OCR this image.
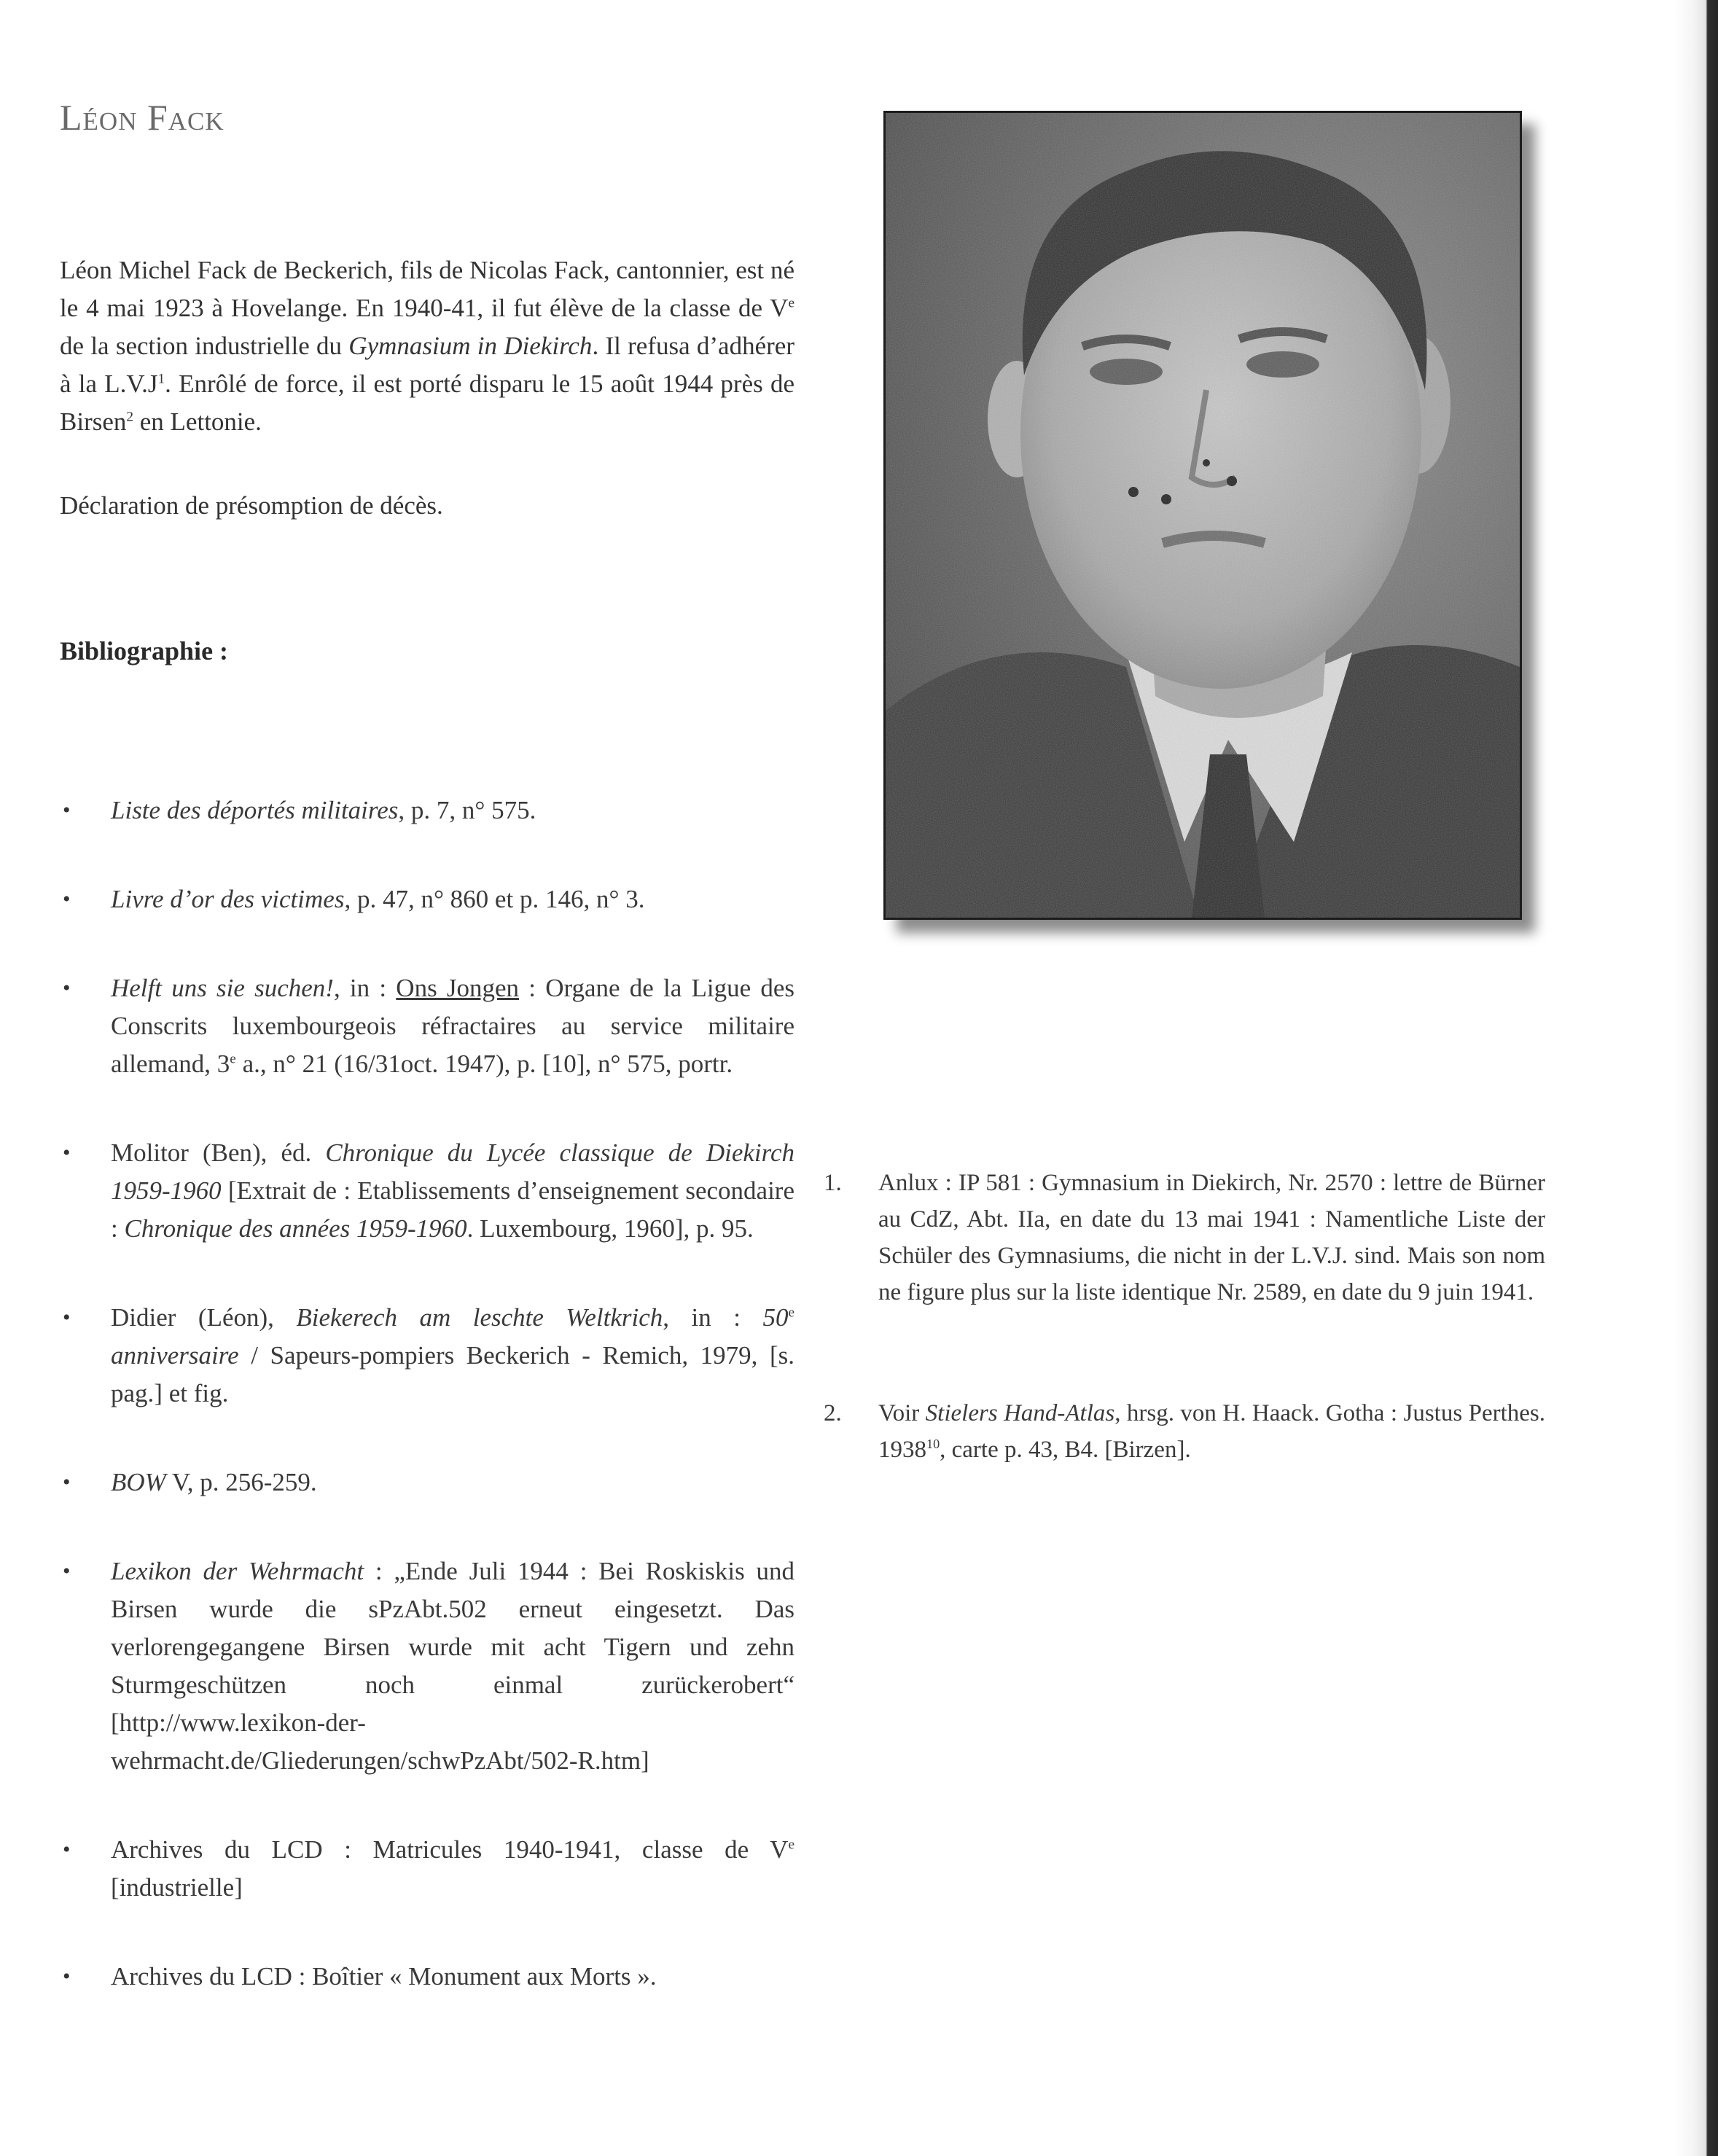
Léon Fack

Léon Michel Fack de Beckerich, fils de Nicolas Fack, cantonnier, est né le 4 mai 1923 à Hovelange. En 1940-41, il fut élève de la classe de Ve de la section industrielle du Gymnasium in Diekirch. Il refusa d’adhérer à la $L.V.J^1$. Enrôlé de force, il est porté disparu le 15 août 1944 près de Birsen$^2$ en Lettonie.

Déclaration de présomption de décès.

Bibliographie :
• Liste des déportés militaires, p. 7, n° 575.
• Livre d’or des victimes, p. 47, n° 860 et p. 146, n° 3.
• Helft uns sie suchen!, in : Ons Jongen : Organe de la Ligue des Conscrits luxembourgeois réfractaires au service militaire allemand, 3e a., n° 21 (16/31oct. 1947), p. [10], n° 575, portr.
• Molitor (Ben), éd. Chronique du Lycée classique de Diekirch 1959-1960 [Extrait de : Etablissements d’enseignement secondaire : Chronique des années 1959-1960. Luxembourg, 1960], p. 95.
• Didier (Léon), Biekerech am leschte Weltkrich, in : 50e anniversaire / Sapeurs-pompiers Beckerich - Remich, 1979, [s. pag.] et fig.
• BOW V, p. 256-259.
• Lexikon der Wehrmacht : „Ende Juli 1944 : Bei Roskiskis und Birsen wurde die sPzAbt.502 erneut eingesetzt. Das verlorengegangene Birsen wurde mit acht Tigern und zehn Sturmgeschützen noch einmal zurückerobert“ [http://www.lexikon-der-wehrmacht.de/Gliederungen/schwPzAbt/502-R.htm]
• Archives du LCD : Matricules 1940-1941, classe de Ve [industrielle]
• Archives du LCD : Boîtier « Monument aux Morts ».
1. Anlux : IP 581 : Gymnasium in Diekirch, Nr. 2570 : lettre de Bürner au CdZ, Abt. IIa, en date du 13 mai 1941 : Namentliche Liste der Schüler des Gymnasiums, die nicht in der L.V.J. sind. Mais son nom ne figure plus sur la liste identique Nr. 2589, en date du 9 juin 1941.
2. Voir Stielers Hand-Atlas, hrsg. von H. Haack. Gotha : Justus Perthes. 1938$^{10}$, carte p. 43, B4. [Birzen].
